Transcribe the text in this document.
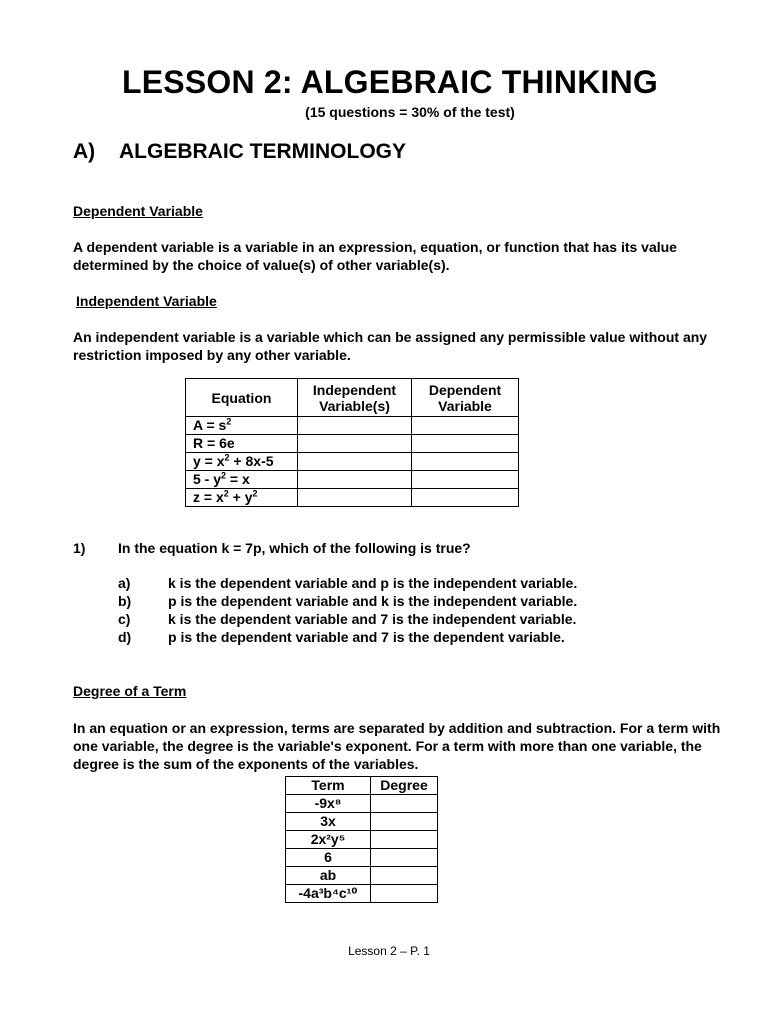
LESSON 2: ALGEBRAIC THINKING
(15 questions = 30% of the test)
A) ALGEBRAIC TERMINOLOGY
Dependent Variable
A dependent variable is a variable in an expression, equation, or function that has its value determined by the choice of value(s) of other variable(s).
Independent Variable
An independent variable is a variable which can be assigned any permissible value without any restriction imposed by any other variable.
Equation	Independent Variable(s)	Dependent Variable
$A = s^2$		
R = 6e		
$y = x^2 + 8x-5$		
$5 - y^2 = x$		
$z = x^2 + y^2$		
1) In the equation k = 7p, which of the following is true?
a)	k is the dependent variable and p is the independent variable.
b)	p is the dependent variable and k is the independent variable.
c)	k is the dependent variable and 7 is the independent variable.
d)	p is the dependent variable and 7 is the dependent variable.
Degree of a Term
In an equation or an expression, terms are separated by addition and subtraction. For a term with one variable, the degree is the variable's exponent. For a term with more than one variable, the degree is the sum of the exponents of the variables.
Term	Degree
-9x⁸	
3x	
2x²y⁵	
6	
ab	
-4a³b⁴c¹⁰	
Lesson 2 – P. 1
